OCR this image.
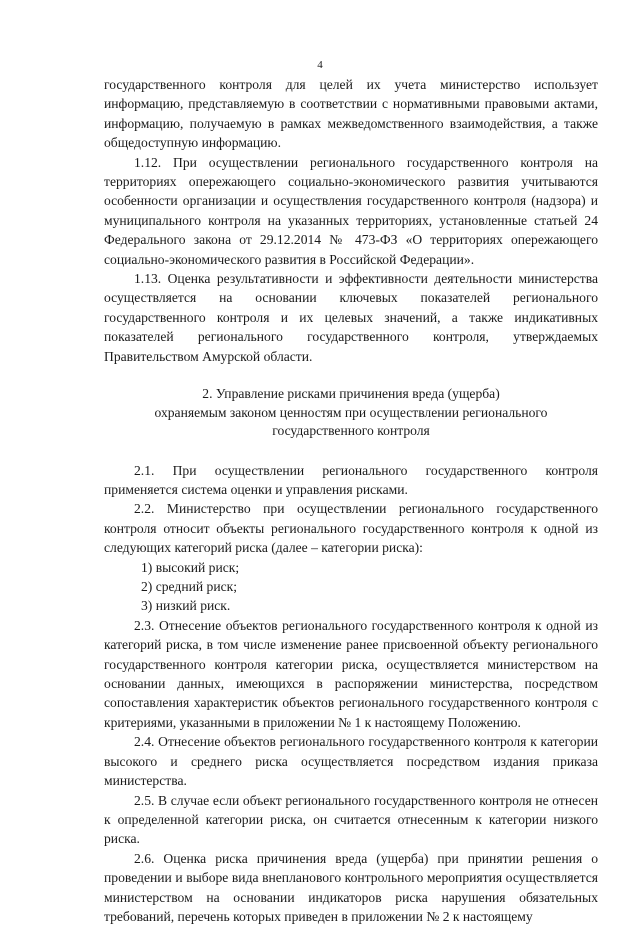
4

государственного контроля для целей их учета министерство использует информацию, представляемую в соответствии с нормативными правовыми актами, информацию, получаемую в рамках межведомственного взаимодействия, а также общедоступную информацию.

1.12. При осуществлении регионального государственного контроля на территориях опережающего социально-экономического развития учитываются особенности организации и осуществления государственного контроля (надзора) и муниципального контроля на указанных территориях, установленные статьей 24 Федерального закона от 29.12.2014 № 473-ФЗ «О территориях опережающего социально-экономического развития в Российской Федерации».

1.13. Оценка результативности и эффективности деятельности министерства осуществляется на основании ключевых показателей регионального государственного контроля и их целевых значений, а также индикативных показателей регионального государственного контроля, утверждаемых Правительством Амурской области.

2. Управление рисками причинения вреда (ущерба)
охраняемым законом ценностям при осуществлении регионального
государственного контроля

2.1. При осуществлении регионального государственного контроля применяется система оценки и управления рисками.

2.2. Министерство при осуществлении регионального государственного контроля относит объекты регионального государственного контроля к одной из следующих категорий риска (далее – категории риска):

1) высокий риск;

2) средний риск;

3) низкий риск.

2.3. Отнесение объектов регионального государственного контроля к одной из категорий риска, в том числе изменение ранее присвоенной объекту регионального государственного контроля категории риска, осуществляется министерством на основании данных, имеющихся в распоряжении министерства, посредством сопоставления характеристик объектов регионального государственного контроля с критериями, указанными в приложении № 1 к настоящему Положению.

2.4. Отнесение объектов регионального государственного контроля к категории высокого и среднего риска осуществляется посредством издания приказа министерства.

2.5. В случае если объект регионального государственного контроля не отнесен к определенной категории риска, он считается отнесенным к категории низкого риска.

2.6. Оценка риска причинения вреда (ущерба) при принятии решения о проведении и выборе вида внепланового контрольного мероприятия осуществляется министерством на основании индикаторов риска нарушения обязательных требований, перечень которых приведен в приложении № 2 к настоящему
